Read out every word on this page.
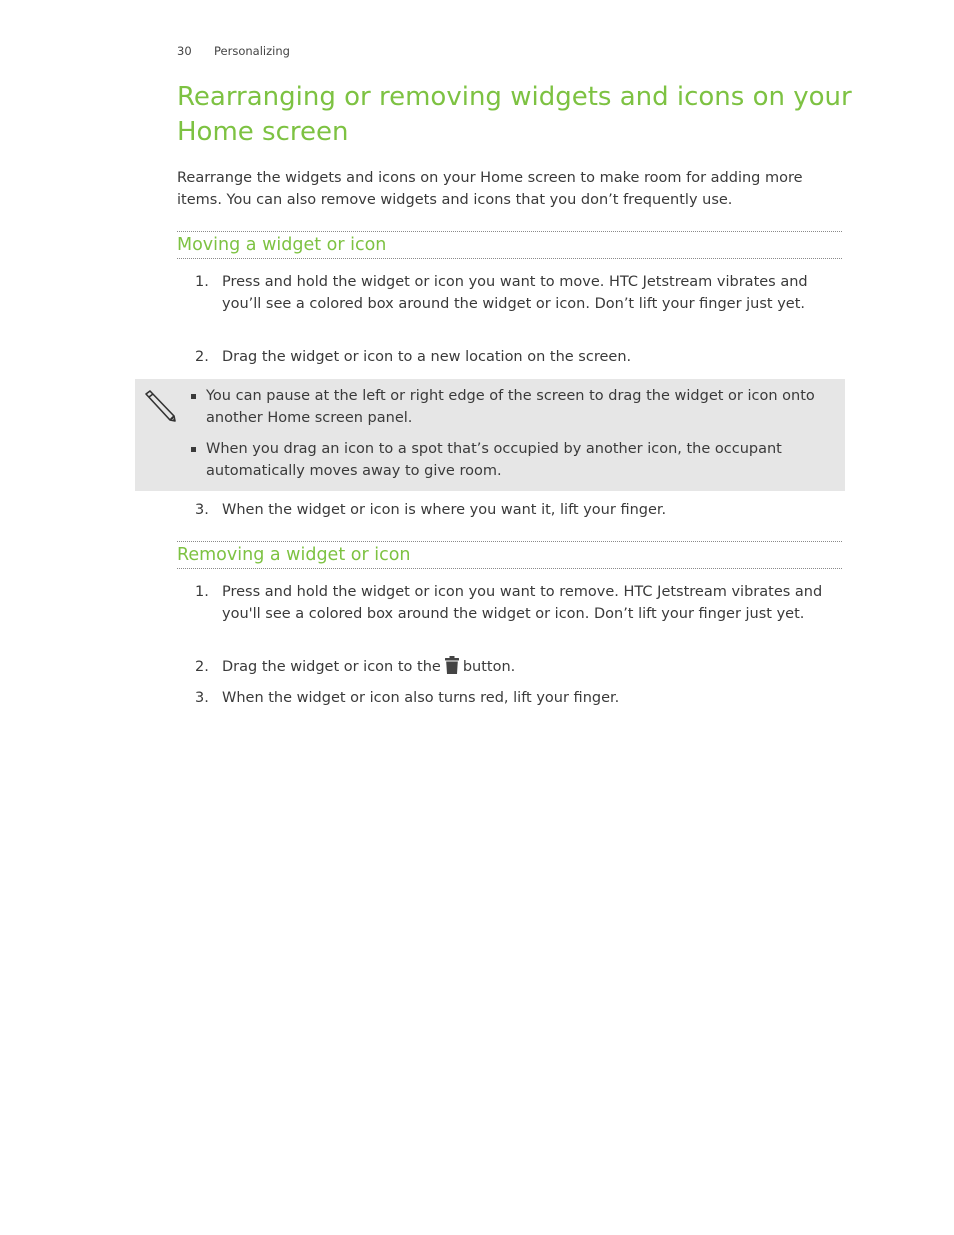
30 Personalizing
Rearranging or removing widgets and icons on your Home screen

Rearrange the widgets and icons on your Home screen to make room for adding more items. You can also remove widgets and icons that you don’t frequently use.

Moving a widget or icon
1. Press and hold the widget or icon you want to move. HTC Jetstream vibrates and you’ll see a colored box around the widget or icon. Don’t lift your finger just yet.
2. Drag the widget or icon to a new location on the screen.
You can pause at the left or right edge of the screen to drag the widget or icon onto another Home screen panel.
When you drag an icon to a spot that’s occupied by another icon, the occupant automatically moves away to give room.
3. When the widget or icon is where you want it, lift your finger.
Removing a widget or icon
1. Press and hold the widget or icon you want to remove. HTC Jetstream vibrates and you'll see a colored box around the widget or icon. Don’t lift your finger just yet.
2. Drag the widget or icon to the button.
3. When the widget or icon also turns red, lift your finger.
